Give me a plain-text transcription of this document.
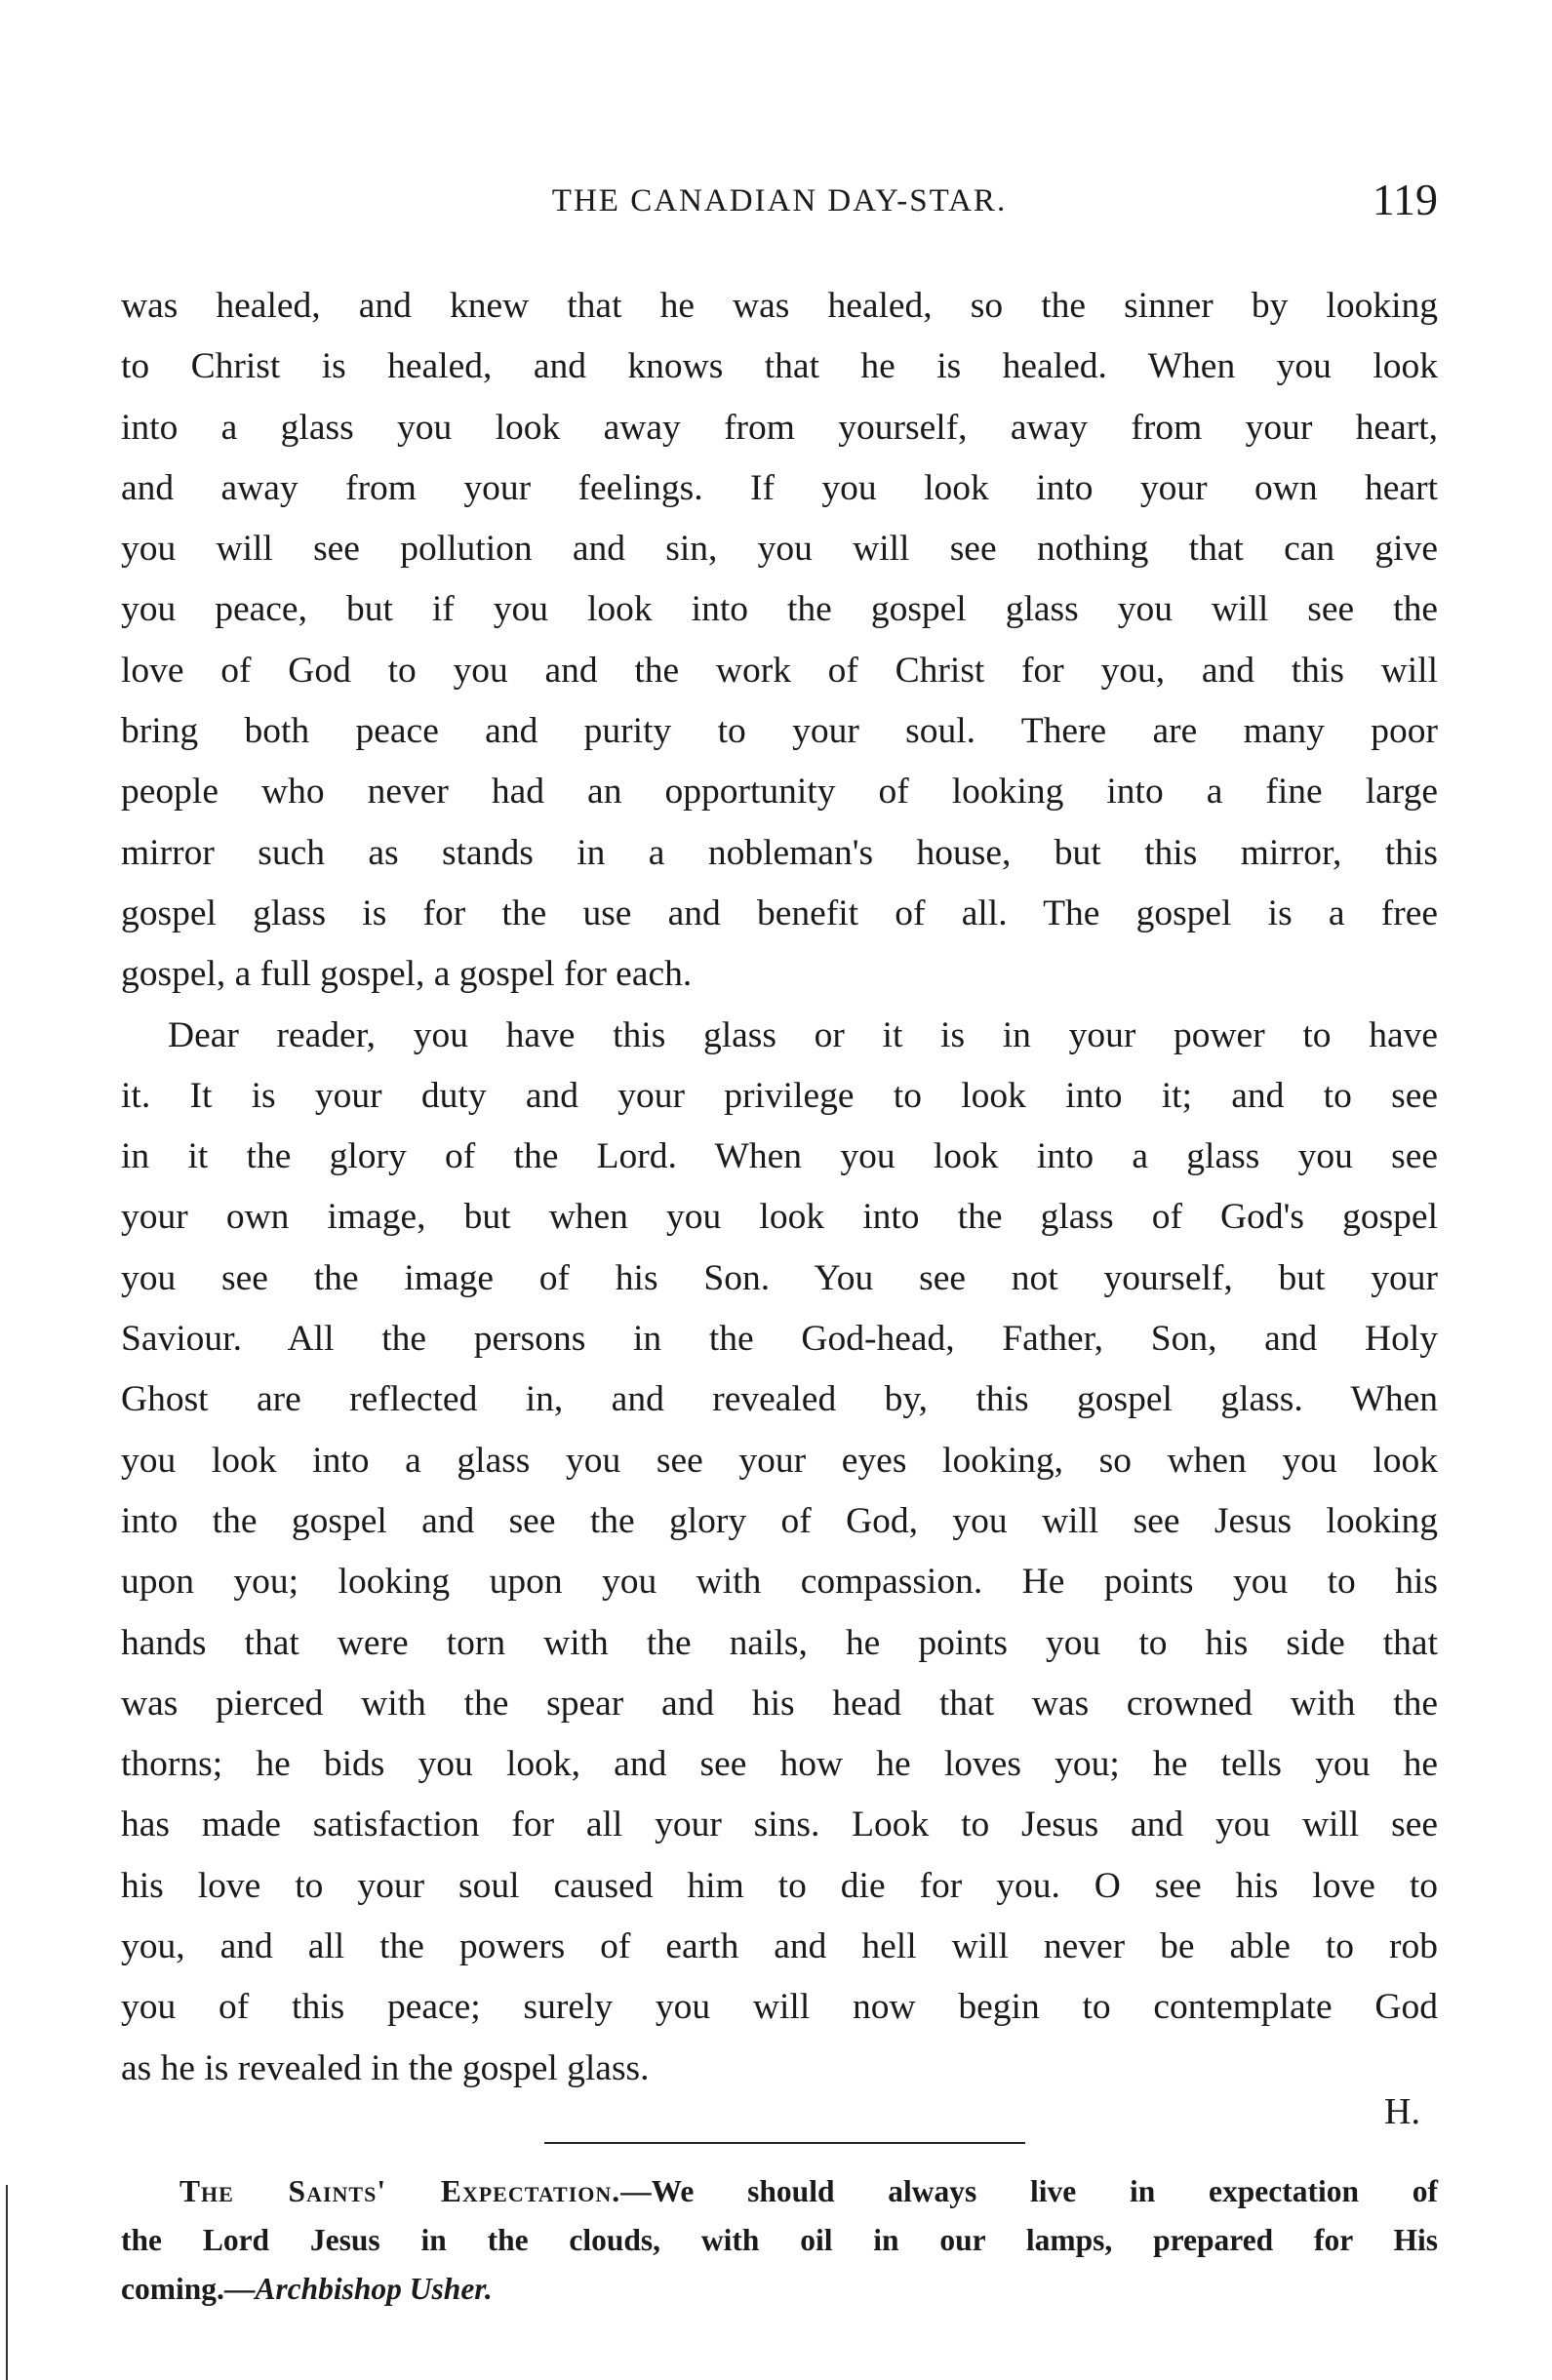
THE CANADIAN DAY-STAR.	119
was healed, and knew that he was healed, so the sinner by looking
to Christ is healed, and knows that he is healed. When you look
into a glass you look away from yourself, away from your heart,
and away from your feelings. If you look into your own heart
you will see pollution and sin, you will see nothing that can give
you peace, but if you look into the gospel glass you will see the
love of God to you and the work of Christ for you, and this will
bring both peace and purity to your soul. There are many poor
people who never had an opportunity of looking into a fine large
mirror such as stands in a nobleman's house, but this mirror, this
gospel glass is for the use and benefit of all. The gospel is a free
gospel, a full gospel, a gospel for each.
Dear reader, you have this glass or it is in your power to have
it. It is your duty and your privilege to look into it; and to see
in it the glory of the Lord. When you look into a glass you see
your own image, but when you look into the glass of God's gospel
you see the image of his Son. You see not yourself, but your
Saviour. All the persons in the God-head, Father, Son, and Holy
Ghost are reflected in, and revealed by, this gospel glass. When
you look into a glass you see your eyes looking, so when you look
into the gospel and see the glory of God, you will see Jesus looking
upon you; looking upon you with compassion. He points you to his
hands that were torn with the nails, he points you to his side that
was pierced with the spear and his head that was crowned with the
thorns; he bids you look, and see how he loves you; he tells you he
has made satisfaction for all your sins. Look to Jesus and you will see
his love to your soul caused him to die for you. O see his love to
you, and all the powers of earth and hell will never be able to rob
you of this peace; surely you will now begin to contemplate God
as he is revealed in the gospel glass.
H.
The Saints' Expectation.—We should always live in expectation of
the Lord Jesus in the clouds, with oil in our lamps, prepared for His
coming.—Archbishop Usher.
